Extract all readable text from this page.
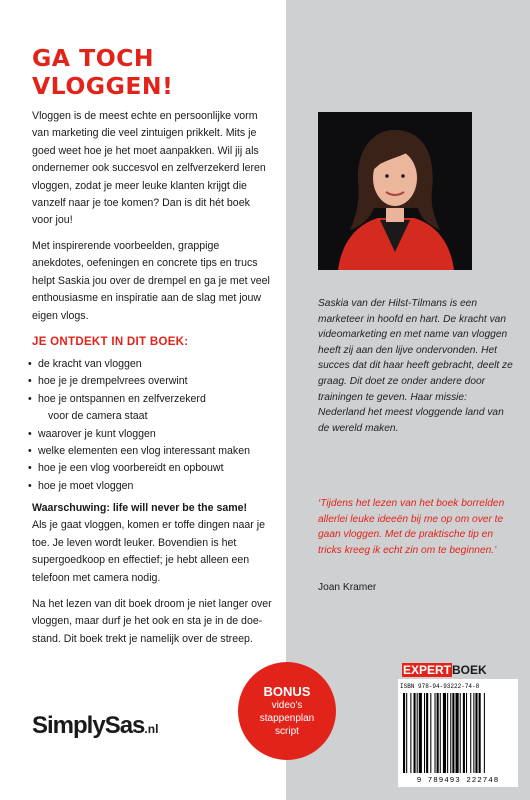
GA TOCH VLOGGEN!
Vloggen is de meest echte en persoonlijke vorm van marketing die veel zintuigen prikkelt. Mits je goed weet hoe je het moet aanpakken. Wil jij als ondernemer ook succesvol en zelfverzekerd leren vloggen, zodat je meer leuke klanten krijgt die vanzelf naar je toe komen? Dan is dit hét boek voor jou!
Met inspirerende voorbeelden, grappige anekdotes, oefeningen en concrete tips en trucs helpt Saskia jou over de drempel en ga je met veel enthousiasme en inspiratie aan de slag met jouw eigen vlogs.
JE ONTDEKT IN DIT BOEK:
• de kracht van vloggen
• hoe je je drempelvrees overwint
• hoe je ontspannen en zelfverzekerd
voor de camera staat
• waarover je kunt vloggen
• welke elementen een vlog interessant maken
• hoe je een vlog voorbereidt en opbouwt
• hoe je moet vloggen
Waarschuwing: life will never be the same!
Als je gaat vloggen, komen er toffe dingen naar je toe. Je leven wordt leuker. Bovendien is het supergoedkoop en effectief; je hebt alleen een telefoon met camera nodig.
Na het lezen van dit boek droom je niet langer over vloggen, maar durf je het ook en sta je in de doe-stand. Dit boek trekt je namelijk over de streep.
SimplySas.nl
Saskia van der Hilst-Tilmans is een marketeer in hoofd en hart. De kracht van videomarketing en met name van vloggen heeft zij aan den lijve ondervonden. Het succes dat dit haar heeft gebracht, deelt ze graag. Dit doet ze onder andere door trainingen te geven. Haar missie: Nederland het meest vloggende land van de wereld maken.
‘Tijdens het lezen van het boek borrelden allerlei leuke ideeën bij me op om over te gaan vloggen. Met de praktische tip en tricks kreeg ik echt zin om te beginnen.’
Joan Kramer
BONUS
video's
stappenplan
script
EXPERTBOEK
ISBN 978-94-93222-74-8
9 789493 222748
